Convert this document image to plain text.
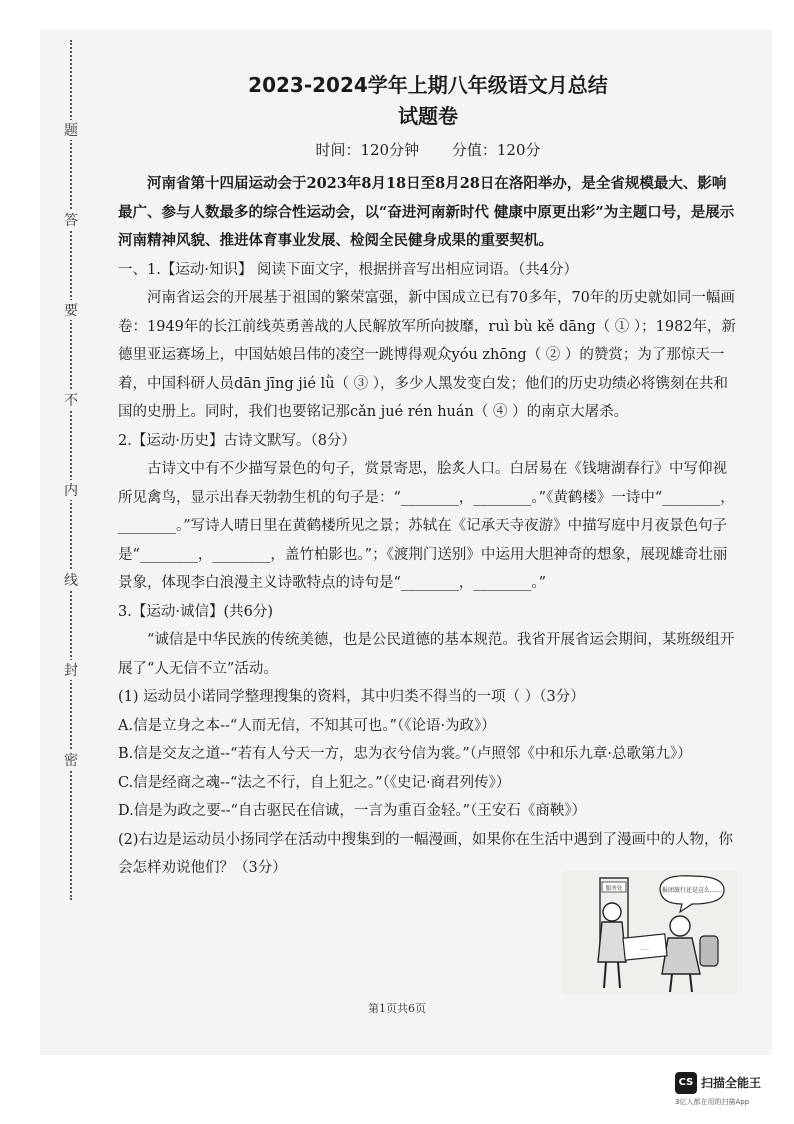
题
答
要
不
内
线
封
密

2023-2024学年上期八年级语文月总结

试题卷

时间：120分钟 分值：120分

河南省第十四届运动会于2023年8月18日至8月28日在洛阳举办，是全省规模最大、影响最广、参与人数最多的综合性运动会，以“奋进河南新时代 健康中原更出彩”为主题口号，是展示河南精神风貌、推进体育事业发展、检阅全民健身成果的重要契机。

一、1.【运动·知识】 阅读下面文字，根据拼音写出相应词语。（共4分）

河南省运会的开展基于祖国的繁荣富强，新中国成立已有70多年，70年的历史就如同一幅画卷：1949年的长江前线英勇善战的人民解放军所向披靡，ruì bù kě dāng（ ① ）；1982年，新德里亚运赛场上，中国姑娘吕伟的凌空一跳博得观众yóu zhōng（ ② ）的赞赏；为了那惊天一着，中国科研人员dān jīng jié lǜ（ ③ ），多少人黑发变白发；他们的历史功绩必将镌刻在共和国的史册上。同时，我们也要铭记那cǎn jué rén huán（ ④ ）的南京大屠杀。

2.【运动·历史】古诗文默写。（8分）

古诗文中有不少描写景色的句子，赏景寄思，脍炙人口。白居易在《钱塘湖春行》中写仰视所见禽鸟，显示出春天勃勃生机的句子是：“________，________。”《黄鹤楼》一诗中“________，________。”写诗人晴日里在黄鹤楼所见之景；苏轼在《记承天寺夜游》中描写庭中月夜景色句子是“________，________，盖竹柏影也。”；《渡荆门送别》中运用大胆神奇的想象，展现雄奇壮丽景象，体现李白浪漫主义诗歌特点的诗句是“________，________。”

3.【运动·诚信】(共6分)

“诚信是中华民族的传统美德，也是公民道德的基本规范。我省开展省运会期间，某班级组开展了“人无信不立”活动。

(1) 运动员小诺同学整理搜集的资料，其中归类不得当的一项（ ）（3分）

A.信是立身之本--“人而无信，不知其可也。”（《论语·为政》）

B.信是交友之道--“若有人兮天一方，忠为衣兮信为裳。”（卢照邻《中和乐九章·总歌第九》）

C.信是经商之魂--“法之不行，自上犯之。”（《史记·商君列传》）

D.信是为政之要--“自古驱民在信诚，一言为重百金轻。”（王安石《商鞅》）

(2)右边是运动员小扬同学在活动中搜集到的一幅漫画，如果你在生活中遇到了漫画中的人物，你会怎样劝说他们？（3分）

服务处	报团旅行还是这么……
……
第1页共6页
CS 扫描全能王
3亿人都在用的扫描App
